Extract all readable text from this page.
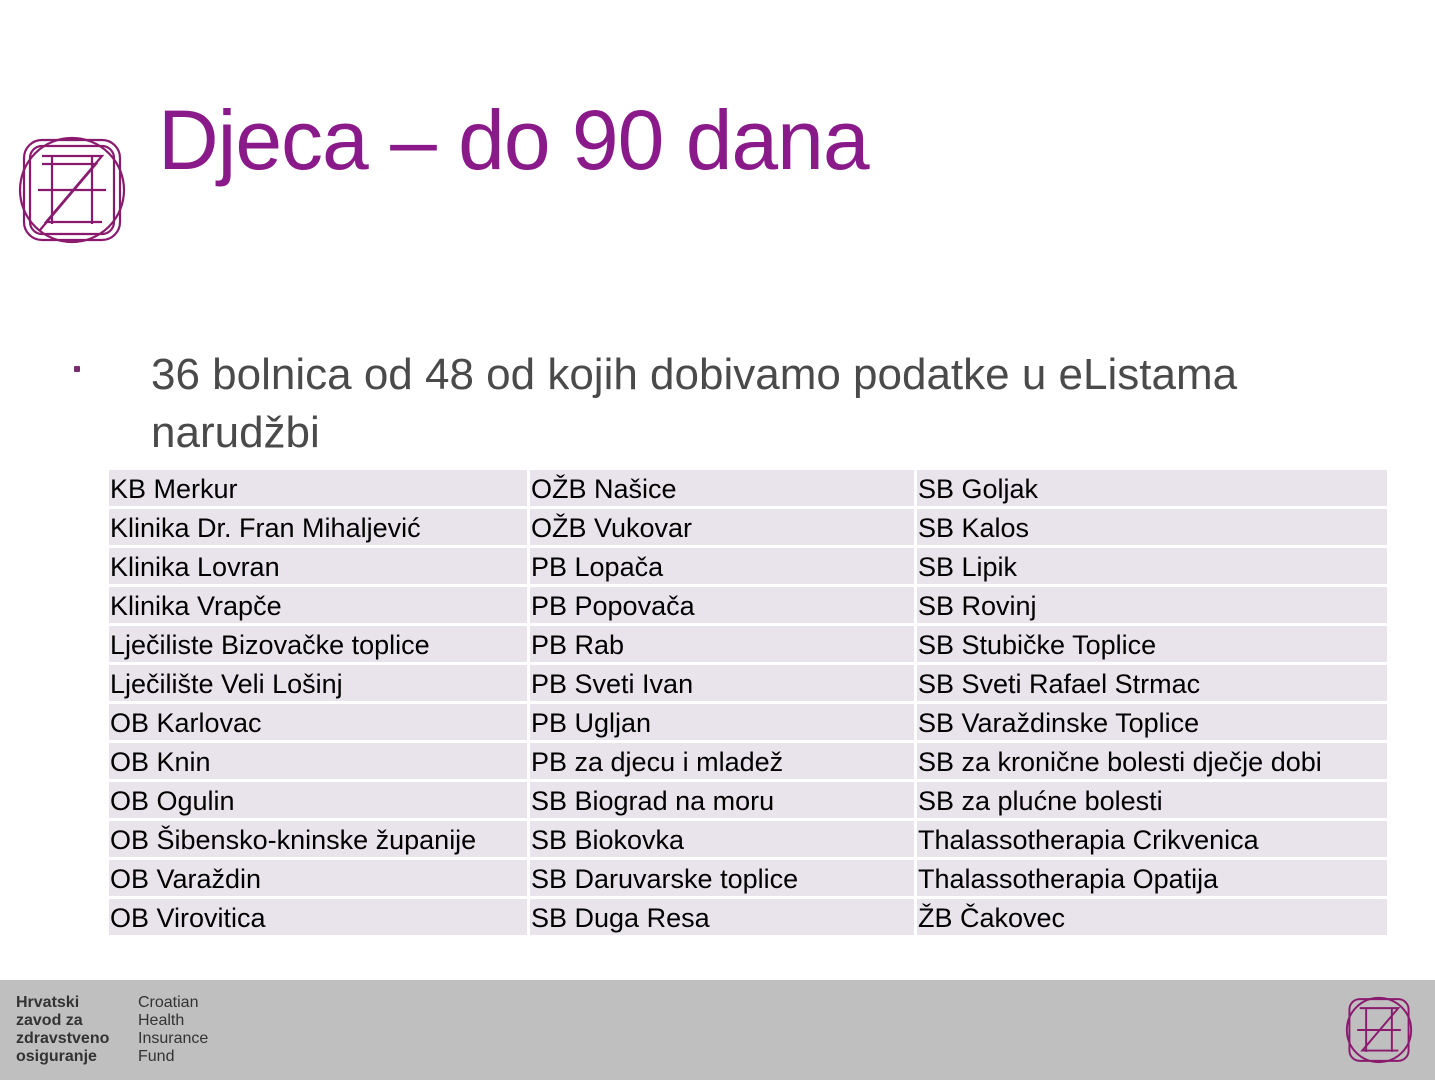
Djeca – do 90 dana

36 bolnica od 48 od kojih dobivamo podatke u eListama narudžbi

KB Merkur	OŽB Našice	SB Goljak
Klinika Dr. Fran Mihaljević	OŽB Vukovar	SB Kalos
Klinika Lovran	PB Lopača	SB Lipik
Klinika Vrapče	PB Popovača	SB Rovinj
Lječiliste Bizovačke toplice	PB Rab	SB Stubičke Toplice
Lječilište Veli Lošinj	PB Sveti Ivan	SB Sveti Rafael Strmac
OB Karlovac	PB Ugljan	SB Varaždinske Toplice
OB Knin	PB za djecu i mladež	SB za kronične bolesti dječje dobi
OB Ogulin	SB Biograd na moru	SB za plućne bolesti
OB Šibensko-kninske županije	SB Biokovka	Thalassotherapia Crikvenica
OB Varaždin	SB Daruvarske toplice	Thalassotherapia Opatija
OB Virovitica	SB Duga Resa	ŽB Čakovec
Hrvatski
zavod za
zdravstveno
osiguranje
Croatian
Health
Insurance
Fund
